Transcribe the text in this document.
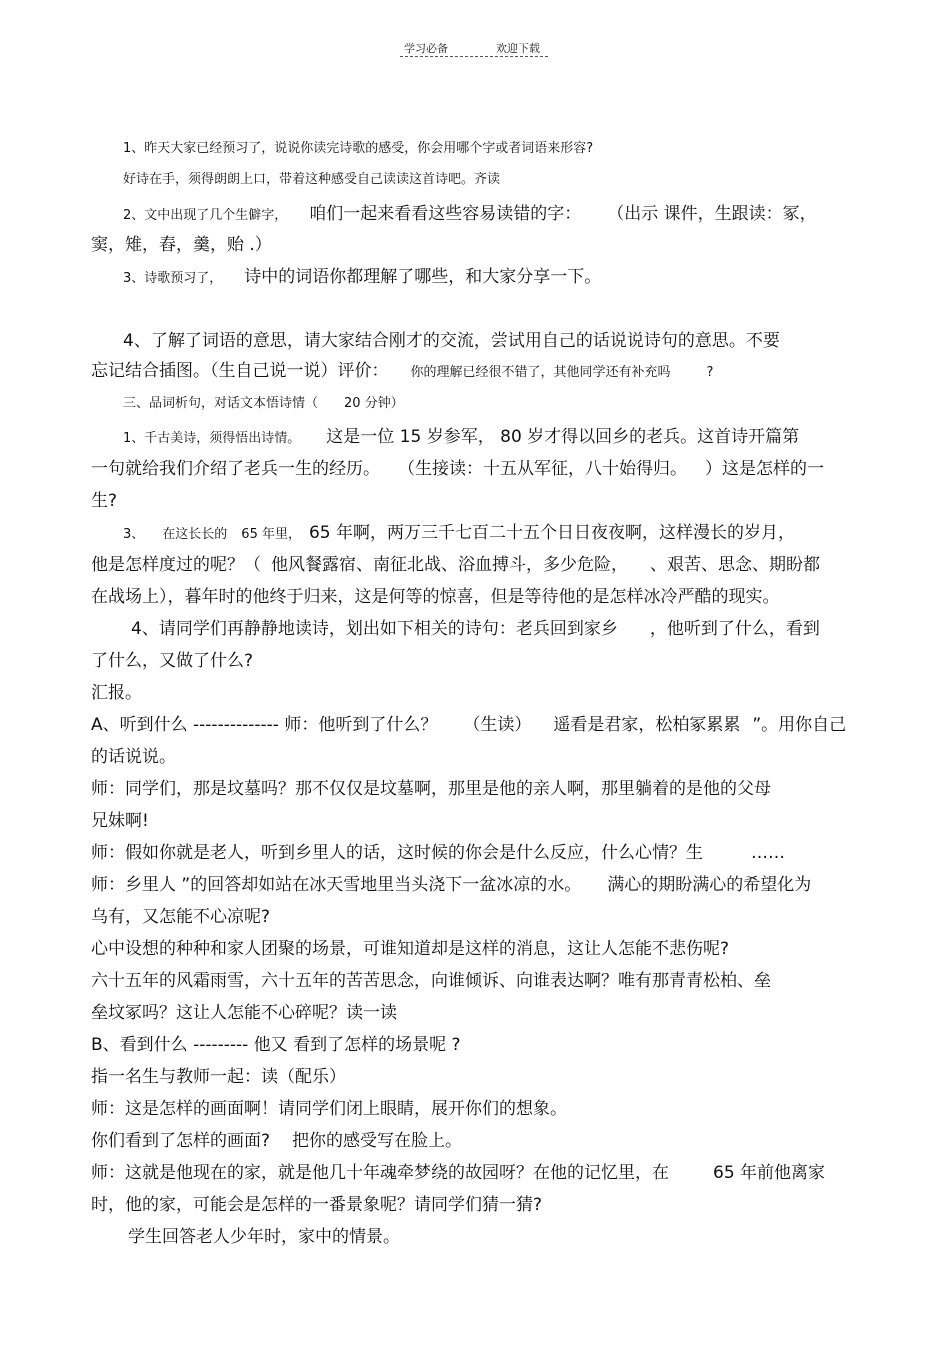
学习必备	欢迎下载
1、昨天大家已经预习了，说说你读完诗歌的感受，你会用哪个字或者词语来形容?
好诗在手，须得朗朗上口，带着这种感受自己读读这首诗吧。齐读
2、文中出现了几个生僻字， 咱们一起来看看这些容易读错的字： （出示 课件，生跟读：冢，
窦，雉，舂，羹，贻 .）
3、诗歌预习了， 诗中的词语你都理解了哪些，和大家分享一下。
4、了解了词语的意思，请大家结合刚才的交流，尝试用自己的话说说诗句的意思。不要
忘记结合插图。（生自己说一说）评价： 你的理解已经很不错了，其他同学还有补充吗	?
三、品词析句，对话文本悟诗情（ 20 分钟）
1、千古美诗，须得悟出诗情。 这是一位 15 岁参军， 80 岁才得以回乡的老兵。这首诗开篇第
一句就给我们介绍了老兵一生的经历。 （生接读：十五从军征，八十始得归。 ）这是怎样的一
生?
3、 在这长长的 65 年里， 65 年啊，两万三千七百二十五个日日夜夜啊，这样漫长的岁月，
他是怎样度过的呢？（ 他风餐露宿、南征北战、浴血搏斗，多少危险， 、艰苦、思念、期盼都
在战场上），暮年时的他终于归来，这是何等的惊喜，但是等待他的是怎样冰冷严酷的现实。
4、请同学们再静静地读诗，划出如下相关的诗句：老兵回到家乡 ，他听到了什么，看到
了什么，又做了什么?
汇报。
A、听到什么 -------------- 师：他听到了什么？ （生读） 遥看是君家，松柏冢累累 ”。用你自己
的话说说。
师：同学们，那是坟墓吗？那不仅仅是坟墓啊，那里是他的亲人啊，那里躺着的是他的父母
兄妹啊!
师：假如你就是老人，听到乡里人的话，这时候的你会是什么反应，什么心情？生	……
师：乡里人 ”的回答却如站在冰天雪地里当头浇下一盆冰凉的水。 满心的期盼满心的希望化为
乌有，又怎能不心凉呢?
心中设想的种种和家人团聚的场景，可谁知道却是这样的消息，这让人怎能不悲伤呢?
六十五年的风霜雨雪，六十五年的苦苦思念，向谁倾诉、向谁表达啊？唯有那青青松柏、垒
垒坟冢吗？这让人怎能不心碎呢？读一读
B、看到什么 --------- 他又 看到了怎样的场景呢 ?
指一名生与教师一起：读（配乐）
师：这是怎样的画面啊！请同学们闭上眼睛，展开你们的想象。
你们看到了怎样的画面? 把你的感受写在脸上。
师：这就是他现在的家，就是他几十年魂牵梦绕的故园呀？在他的记忆里，在	65 年前他离家
时，他的家，可能会是怎样的一番景象呢？请同学们猜一猜?
学生回答老人少年时，家中的情景。
